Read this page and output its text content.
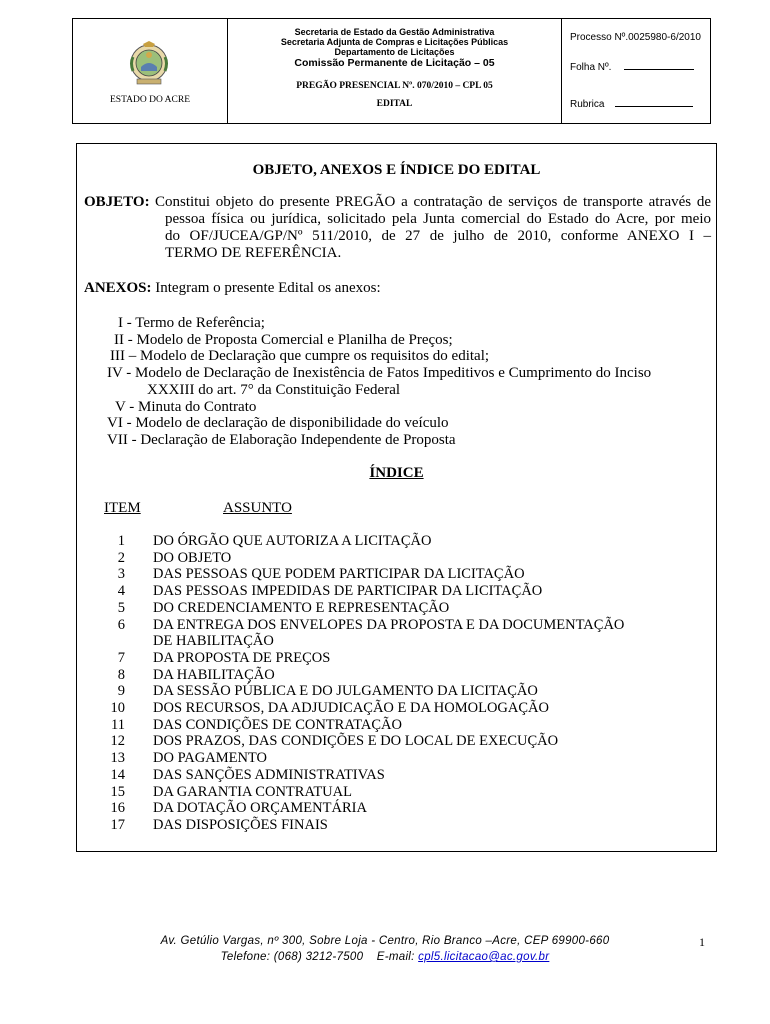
ESTADO DO ACRE
Secretaria de Estado da Gestão Administrativa
Secretaria Adjunta de Compras e Licitações Públicas
Departamento de Licitações
Comissão Permanente de Licitação – 05
PREGÃO PRESENCIAL Nº. 070/2010 – CPL 05
EDITAL
Processo Nº.0025980-6/2010
Folha Nº.
Rubrica
OBJETO, ANEXOS E ÍNDICE DO EDITAL
OBJETO: Constitui objeto do presente PREGÃO a contratação de serviços de transporte através de
pessoa física ou jurídica, solicitado pela Junta comercial do Estado do Acre, por meio
do OF/JUCEA/GP/Nº 511/2010, de 27 de julho de 2010, conforme ANEXO I –
TERMO DE REFERÊNCIA.
ANEXOS: Integram o presente Edital os anexos:
I - Termo de Referência;
II - Modelo de Proposta Comercial e Planilha de Preços;
III – Modelo de Declaração que cumpre os requisitos do edital;
IV - Modelo de Declaração de Inexistência de Fatos Impeditivos e Cumprimento do Inciso
XXXIII do art. 7° da Constituição Federal
V - Minuta do Contrato
VI - Modelo de declaração de disponibilidade do veículo
VII - Declaração de Elaboração Independente de Proposta
ÍNDICE
ITEM	ASSUNTO
1 DO ÓRGÃO QUE AUTORIZA A LICITAÇÃO
2 DO OBJETO
3 DAS PESSOAS QUE PODEM PARTICIPAR DA LICITAÇÃO
4 DAS PESSOAS IMPEDIDAS DE PARTICIPAR DA LICITAÇÃO
5 DO CREDENCIAMENTO E REPRESENTAÇÃO
6 DA ENTREGA DOS ENVELOPES DA PROPOSTA E DA DOCUMENTAÇÃO
DE HABILITAÇÃO
7 DA PROPOSTA DE PREÇOS
8 DA HABILITAÇÃO
9 DA SESSÃO PÚBLICA E DO JULGAMENTO DA LICITAÇÃO
10 DOS RECURSOS, DA ADJUDICAÇÃO E DA HOMOLOGAÇÃO
11 DAS CONDIÇÕES DE CONTRATAÇÃO
12 DOS PRAZOS, DAS CONDIÇÕES E DO LOCAL DE EXECUÇÃO
13 DO PAGAMENTO
14 DAS SANÇÕES ADMINISTRATIVAS
15 DA GARANTIA CONTRATUAL
16 DA DOTAÇÃO ORÇAMENTÁRIA
17 DAS DISPOSIÇÕES FINAIS
Av. Getúlio Vargas, nº 300, Sobre Loja - Centro, Rio Branco –Acre, CEP 69900-660
Telefone: (068) 3212-7500 E-mail: cpl5.licitacao@ac.gov.br
1
